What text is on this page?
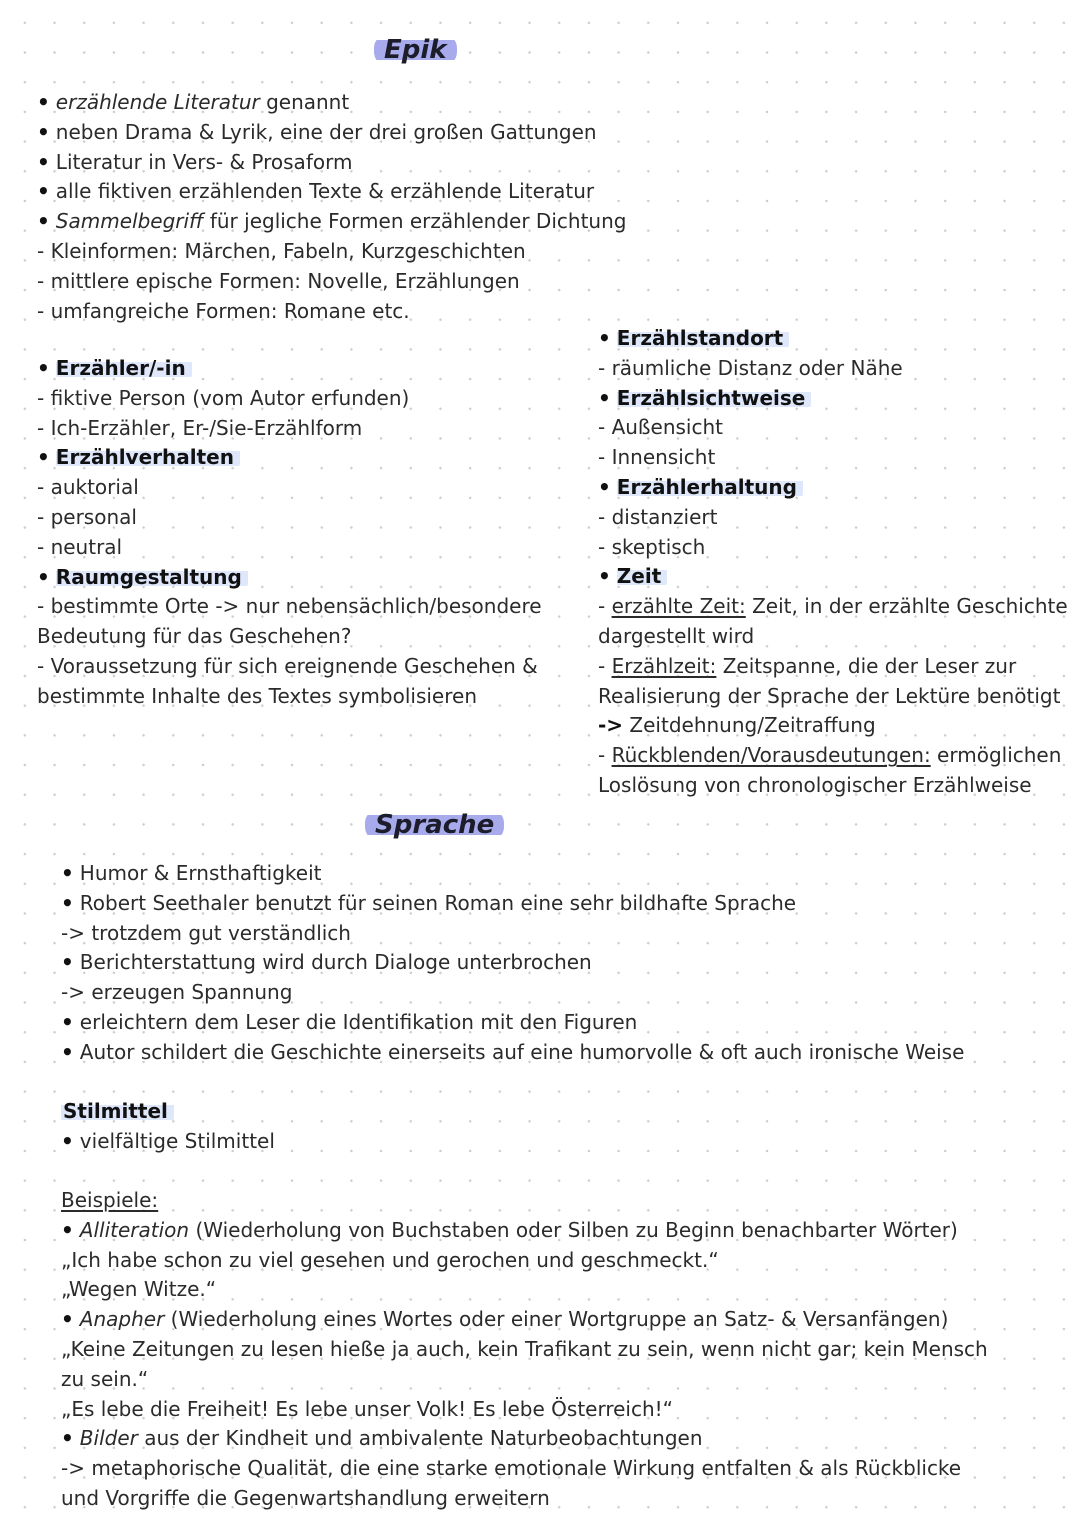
Epik
• erzählende Literatur genannt
• neben Drama & Lyrik, eine der drei großen Gattungen
• Literatur in Vers- & Prosaform
• alle fiktiven erzählenden Texte & erzählende Literatur
• Sammelbegriff für jegliche Formen erzählender Dichtung
- Kleinformen: Märchen, Fabeln, Kurzgeschichten
- mittlere epische Formen: Novelle, Erzählungen
- umfangreiche Formen: Romane etc.
• Erzähler/-in
- fiktive Person (vom Autor erfunden)
- Ich-Erzähler, Er-/Sie-Erzählform
• Erzählverhalten
- auktorial
- personal
- neutral
• Raumgestaltung
- bestimmte Orte -> nur nebensächlich/besondere
Bedeutung für das Geschehen?
- Voraussetzung für sich ereignende Geschehen &
bestimmte Inhalte des Textes symbolisieren
• Erzählstandort
- räumliche Distanz oder Nähe
• Erzählsichtweise
- Außensicht
- Innensicht
• Erzählerhaltung
- distanziert
- skeptisch
• Zeit
- erzählte Zeit: Zeit, in der erzählte Geschichte
dargestellt wird
- Erzählzeit: Zeitspanne, die der Leser zur
Realisierung der Sprache der Lektüre benötigt
-> Zeitdehnung/Zeitraffung
- Rückblenden/Vorausdeutungen: ermöglichen
Loslösung von chronologischer Erzählweise
Sprache
• Humor & Ernsthaftigkeit
• Robert Seethaler benutzt für seinen Roman eine sehr bildhafte Sprache
-> trotzdem gut verständlich
• Berichterstattung wird durch Dialoge unterbrochen
-> erzeugen Spannung
• erleichtern dem Leser die Identifikation mit den Figuren
• Autor schildert die Geschichte einerseits auf eine humorvolle & oft auch ironische Weise
Stilmittel
• vielfältige Stilmittel
Beispiele:
• Alliteration (Wiederholung von Buchstaben oder Silben zu Beginn benachbarter Wörter)
„Ich habe schon zu viel gesehen und gerochen und geschmeckt.“
„Wegen Witze.“
• Anapher (Wiederholung eines Wortes oder einer Wortgruppe an Satz- & Versanfängen)
„Keine Zeitungen zu lesen hieße ja auch, kein Trafikant zu sein, wenn nicht gar; kein Mensch zu sein.“
„Es lebe die Freiheit! Es lebe unser Volk! Es lebe Österreich!“
• Bilder aus der Kindheit und ambivalente Naturbeobachtungen
-> metaphorische Qualität, die eine starke emotionale Wirkung entfalten & als Rückblicke und Vorgriffe die Gegenwartshandlung erweitern
